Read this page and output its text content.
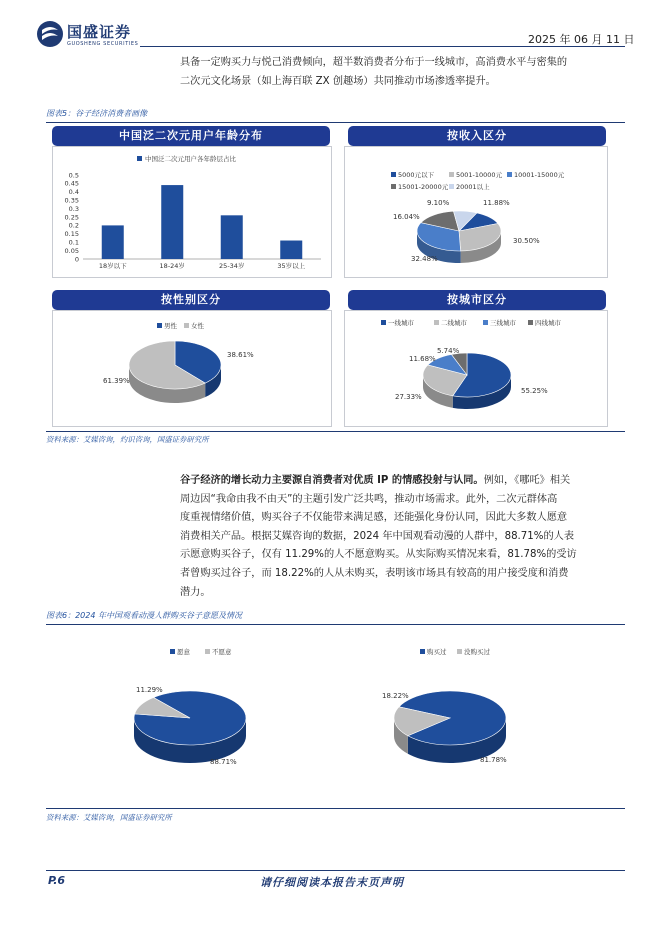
国盛证券
GUOSHENG SECURITIES	2025 年 06 月 11 日
具备一定购买力与悦己消费倾向，超半数消费者分布于一线城市，高消费水平与密集的
二次元文化场景（如上海百联 ZX 创趣场）共同推动市场渗透率提升。
图表5：谷子经济消费者画像
中国泛二次元用户各年龄层占比
0.5
0.45
0.4
0.35
0.3
0.25
0.2
0.15
0.1
0.05
0
18岁以下	18-24岁	25-34岁	35岁以上
中国泛二次元用户年龄分布
5000元以下	5001-10000元 10001-15000元
15001-20000元 20001以上
11.88%
30.50%
32.48%
16.04%
9.10%
按收入区分
男性 女性
38.61%
61.39%
按性别区分
一线城市	二线城市	三线城市	四线城市
55.25%
27.33%
11.68%
5.74%
按城市区分
资料来源：艾媒咨询，灼识咨询，国盛证券研究所
谷子经济的增长动力主要源自消费者对优质 IP 的情感投射与认同。例如，《哪吒》相关
周边因“我命由我不由天”的主题引发广泛共鸣，推动市场需求。此外，二次元群体高
度重视情绪价值，购买谷子不仅能带来满足感，还能强化身份认同，因此大多数人愿意
消费相关产品。根据艾媒咨询的数据，2024 年中国观看动漫的人群中，88.71%的人表
示愿意购买谷子，仅有 11.29%的人不愿意购买。从实际购买情况来看，81.78%的受访
者曾购买过谷子，而 18.22%的人从未购买，表明该市场具有较高的用户接受度和消费
潜力。
图表6：2024 年中国观看动漫人群购买谷子意愿及情况
愿意	不愿意
88.71%
11.29%
购买过	没购买过
81.78%
18.22%
资料来源：艾媒咨询，国盛证券研究所
P.6	请仔细阅读本报告末页声明
